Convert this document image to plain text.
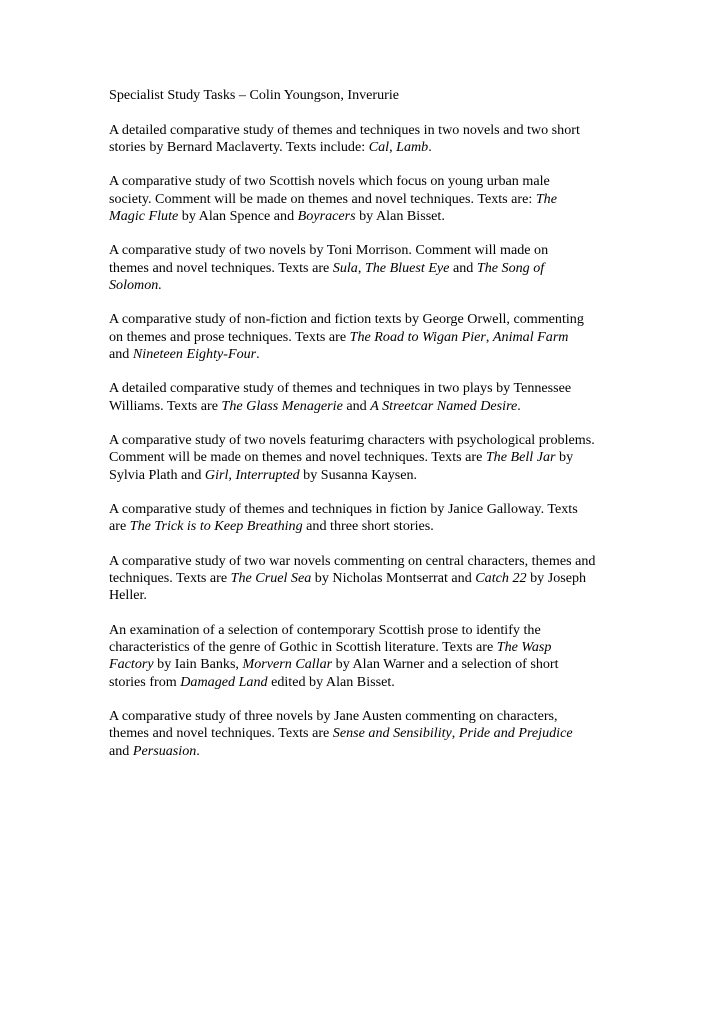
Specialist Study Tasks – Colin Youngson, Inverurie

A detailed comparative study of themes and techniques in two novels and two short
stories by Bernard Maclaverty. Texts include: Cal, Lamb.

A comparative study of two Scottish novels which focus on young urban male
society. Comment will be made on themes and novel techniques. Texts are: The
Magic Flute by Alan Spence and Boyracers by Alan Bisset.

A comparative study of two novels by Toni Morrison. Comment will made on
themes and novel techniques. Texts are Sula, The Bluest Eye and The Song of
Solomon.

A comparative study of non-fiction and fiction texts by George Orwell, commenting
on themes and prose techniques. Texts are The Road to Wigan Pier, Animal Farm
and Nineteen Eighty-Four.

A detailed comparative study of themes and techniques in two plays by Tennessee
Williams. Texts are The Glass Menagerie and A Streetcar Named Desire.

A comparative study of two novels featurimg characters with psychological problems.
Comment will be made on themes and novel techniques. Texts are The Bell Jar by
Sylvia Plath and Girl, Interrupted by Susanna Kaysen.

A comparative study of themes and techniques in fiction by Janice Galloway. Texts
are The Trick is to Keep Breathing and three short stories.

A comparative study of two war novels commenting on central characters, themes and
techniques. Texts are The Cruel Sea by Nicholas Montserrat and Catch 22 by Joseph
Heller.

An examination of a selection of contemporary Scottish prose to identify the
characteristics of the genre of Gothic in Scottish literature. Texts are The Wasp
Factory by Iain Banks, Morvern Callar by Alan Warner and a selection of short
stories from Damaged Land edited by Alan Bisset.

A comparative study of three novels by Jane Austen commenting on characters,
themes and novel techniques. Texts are Sense and Sensibility, Pride and Prejudice
and Persuasion.
